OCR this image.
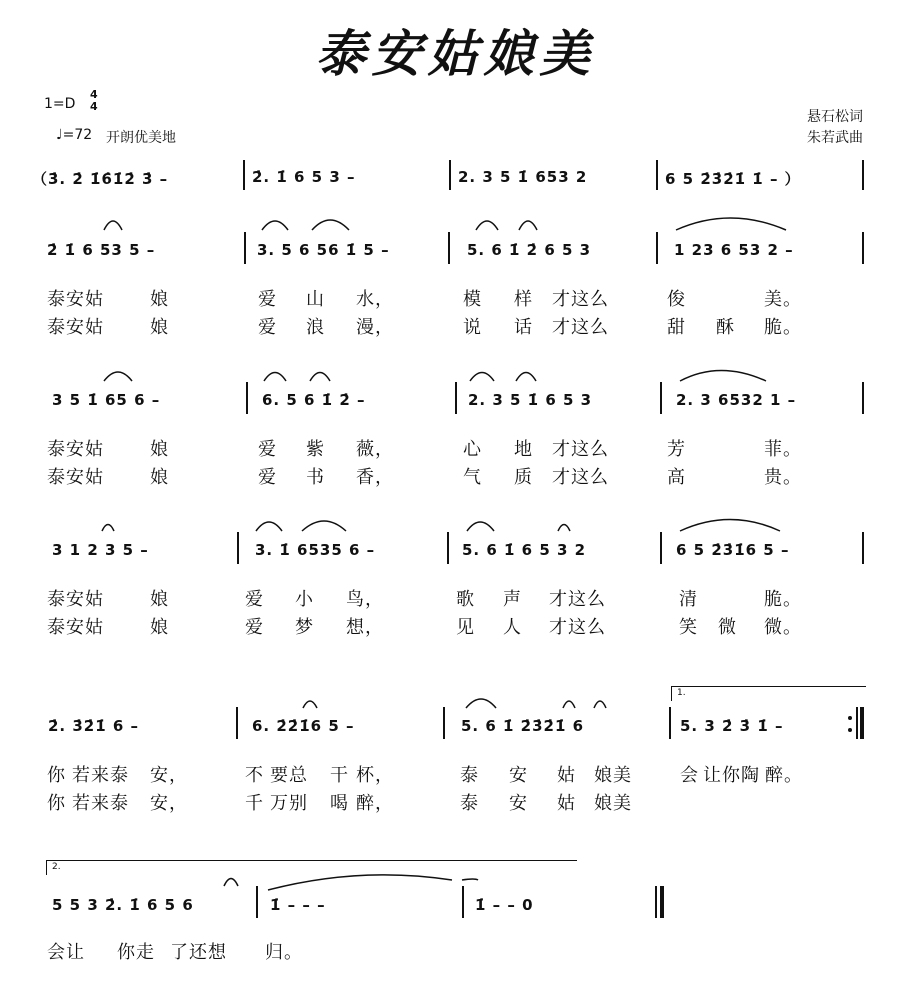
泰安姑娘美
1=D
4
4
♩=72 开朗优美地
悬石松词
朱若武曲
（3̇. 2̇ 1̇6̇1̇2̇ 3̇ –	2̇. 1̇ 6 5 3 –	2. 3 5 1̇ 653 2	6 5 2̇3̇2̇1̇ 1̇ – ）
2̇ 1̇ 6 53 5 –	3. 5 6 56 1̇ 5 –	5. 6 1̇ 2̇ 6 5 3	1 23 6 53 2 –
泰安姑	娘	爱 山 水，	模 样 才这么	俊	美。
泰安姑	娘	爱 浪 漫，	说 话 才这么	甜 酥 脆。
3 5 1̇ 65 6 –	6. 5 6 1̇ 2̇ –	2. 3 5 1̇ 6 5 3	2. 3 6532 1 –
泰安姑	娘	爱 紫 薇，	心 地 才这么	芳	菲。
泰安姑	娘	爱 书 香，	气 质 才这么	高	贵。
3 1 2 3 5 –	3. 1̇ 6535 6 –	5. 6 1̇ 6 5 3 2	6 5 2̇3̇1̇6 5 –
泰安姑	娘	爱 小 鸟，	歌 声 才这么	清	脆。
泰安姑	娘	爱 梦 想，	见 人 才这么	笑 微 微。
1.
2̇. 3̇2̇1̇ 6 –	6. 2̇2̇1̇6 5 –	5. 6 1̇ 2̇3̇2̇1̇ 6	5. 3 2̇ 3̇ 1̇ –
你 若来泰 安，	不 要总 干 杯，	泰 安 姑 娘美	会 让你陶 醉。
你 若来泰 安，	千 万别 喝 醉，	泰 安 姑 娘美
2.
5 5 3 2̇. 1̇ 6 5 6	1̇ – – –	1̇ – – 0
会让 你走 了还想 归。
